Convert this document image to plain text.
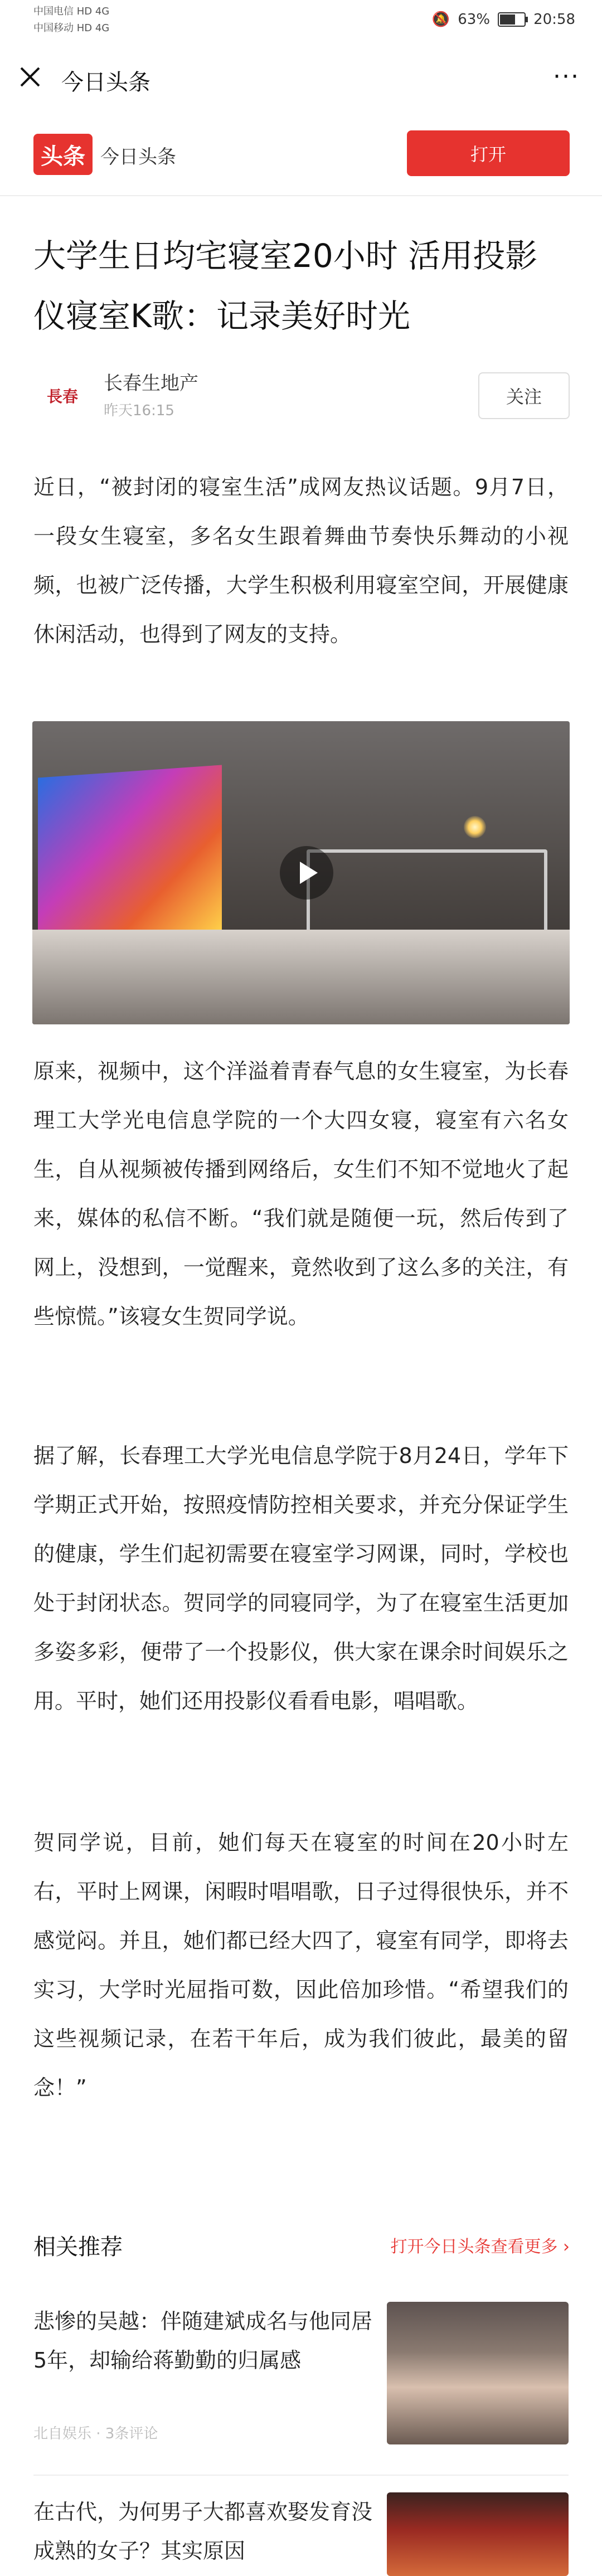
中国电信 HD 4G
中国移动 HD 4G
🔕 63%	20:58
今日头条	···
头条 今日头条	打开
大学生日均宅寝室20小时 活用投影仪寝室K歌：记录美好时光
長春
长春生地产
昨天16:15
关注
近日，“被封闭的寝室生活”成网友热议话题。9月7日，一段女生寝室，多名女生跟着舞曲节奏快乐舞动的小视频，也被广泛传播，大学生积极利用寝室空间，开展健康休闲活动，也得到了网友的支持。
原来，视频中，这个洋溢着青春气息的女生寝室，为长春理工大学光电信息学院的一个大四女寝，寝室有六名女生，自从视频被传播到网络后，女生们不知不觉地火了起来，媒体的私信不断。“我们就是随便一玩，然后传到了网上，没想到，一觉醒来，竟然收到了这么多的关注，有些惊慌。”该寝女生贺同学说。
据了解，长春理工大学光电信息学院于8月24日，学年下学期正式开始，按照疫情防控相关要求，并充分保证学生的健康，学生们起初需要在寝室学习网课，同时，学校也处于封闭状态。贺同学的同寝同学，为了在寝室生活更加多姿多彩，便带了一个投影仪，供大家在课余时间娱乐之用。平时，她们还用投影仪看看电影，唱唱歌。
贺同学说，目前，她们每天在寝室的时间在20小时左右，平时上网课，闲暇时唱唱歌，日子过得很快乐，并不感觉闷。并且，她们都已经大四了，寝室有同学，即将去实习，大学时光屈指可数，因此倍加珍惜。“希望我们的这些视频记录，在若干年后，成为我们彼此，最美的留念！”
相关推荐	打开今日头条查看更多 ›
悲惨的吴越：伴随建斌成名与他同居5年，却输给蒋勤勤的归属感
北自娱乐 · 3条评论
在古代，为何男子大都喜欢娶发育没成熟的女子？其实原因
